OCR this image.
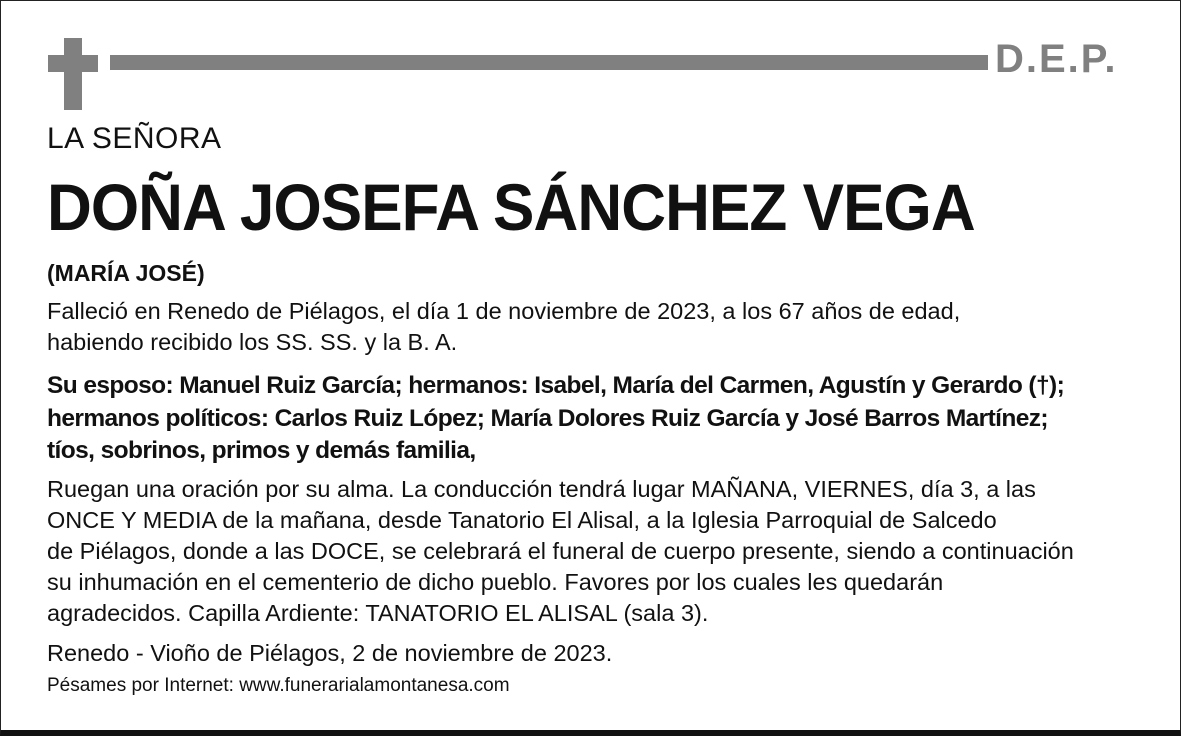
D.E.P.
LA SEÑORA
DOÑA JOSEFA SÁNCHEZ VEGA
(MARÍA JOSÉ)
Falleció en Renedo de Piélagos, el día 1 de noviembre de 2023, a los 67 años de edad,
habiendo recibido los SS. SS. y la B. A.
Su esposo: Manuel Ruiz García; hermanos: Isabel, María del Carmen, Agustín y Gerardo (†);
hermanos políticos: Carlos Ruiz López; María Dolores Ruiz García y José Barros Martínez;
tíos, sobrinos, primos y demás familia,
Ruegan una oración por su alma. La conducción tendrá lugar MAÑANA, VIERNES, día 3, a las
ONCE Y MEDIA de la mañana, desde Tanatorio El Alisal, a la Iglesia Parroquial de Salcedo
de Piélagos, donde a las DOCE, se celebrará el funeral de cuerpo presente, siendo a continuación
su inhumación en el cementerio de dicho pueblo. Favores por los cuales les quedarán
agradecidos. Capilla Ardiente: TANATORIO EL ALISAL (sala 3).
Renedo - Vioño de Piélagos, 2 de noviembre de 2023.
Pésames por Internet: www.funerarialamontanesa.com
